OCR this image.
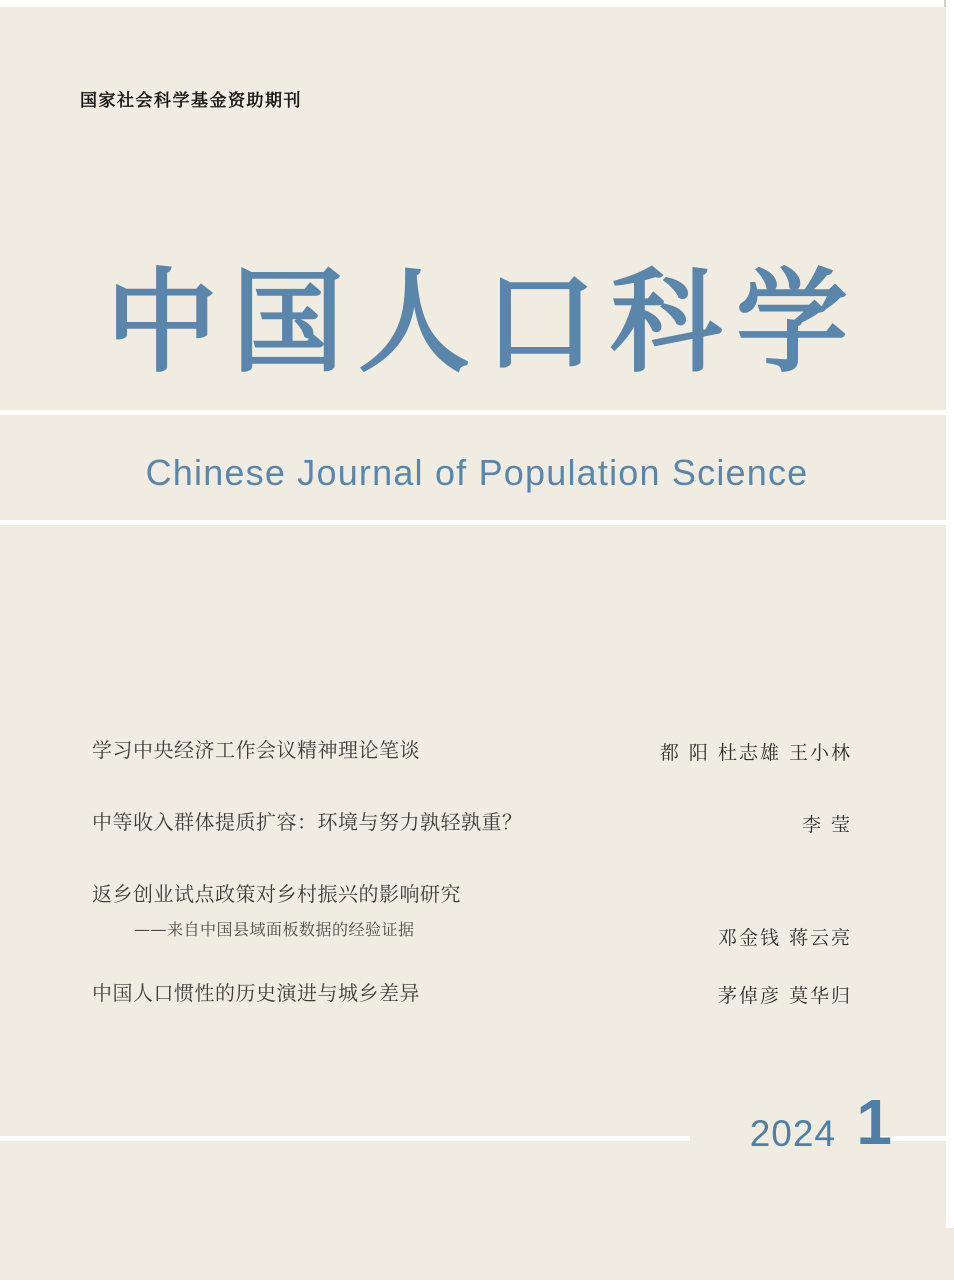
国家社会科学基金资助期刊
中国人口科学
Chinese Journal of Population Science
学习中央经济工作会议精神理论笔谈	都 阳 杜志雄 王小林
中等收入群体提质扩容：环境与努力孰轻孰重？	李 莹
返乡创业试点政策对乡村振兴的影响研究
——来自中国县域面板数据的经验证据	邓金钱 蒋云亮
中国人口惯性的历史演进与城乡差异	茅倬彦 莫华归
2024 1
